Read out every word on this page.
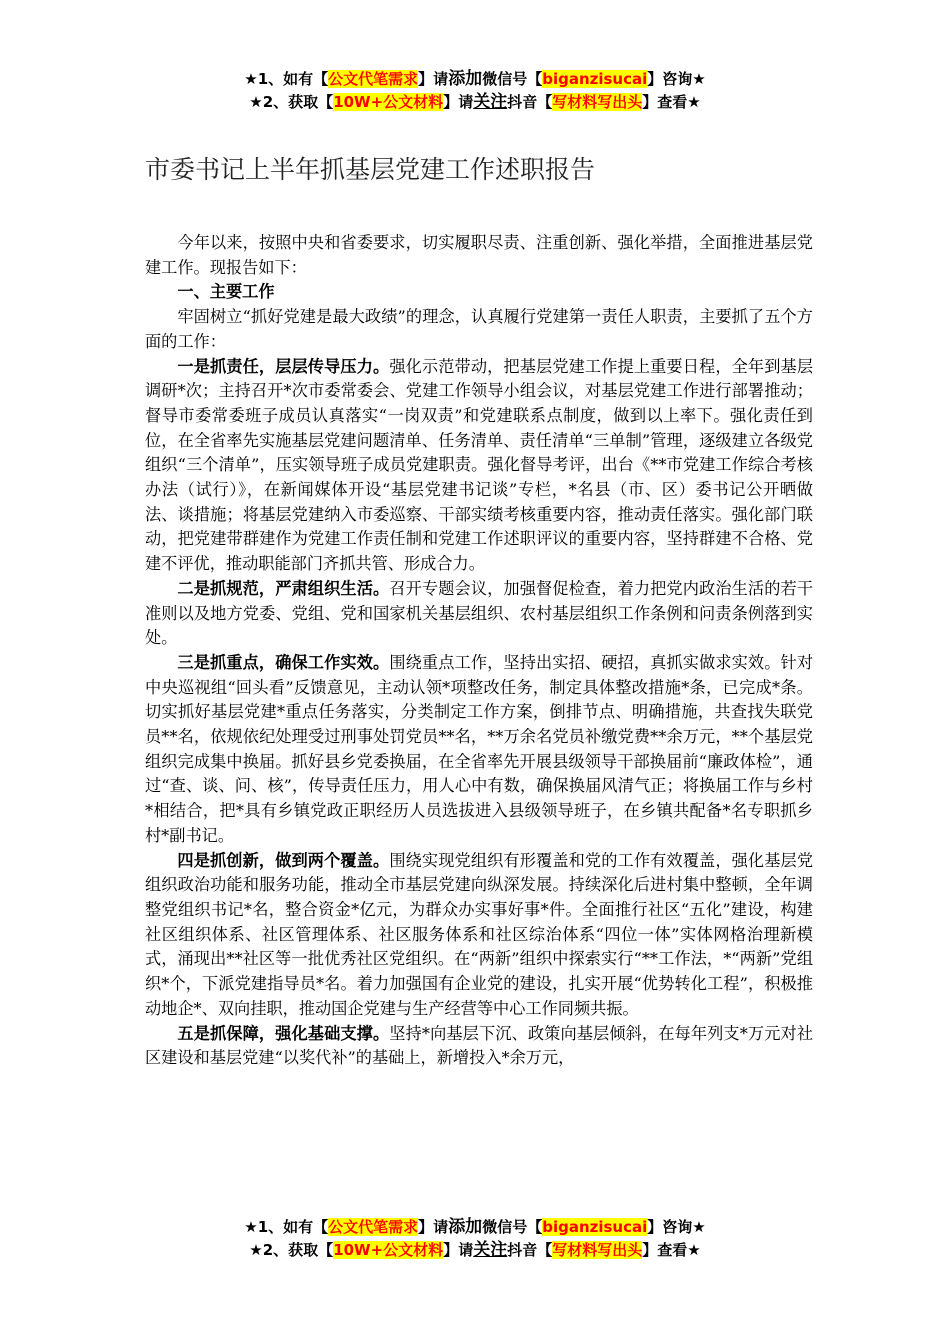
★1、如有【公文代笔需求】请添加微信号【biganzisucai】咨询★
★2、获取【10W+公文材料】请关注抖音【写材料写出头】查看★
市委书记上半年抓基层党建工作述职报告

今年以来，按照中央和省委要求，切实履职尽责、注重创新、强化举措，全面推进基层党建工作。现报告如下：

一、主要工作

牢固树立“抓好党建是最大政绩”的理念，认真履行党建第一责任人职责，主要抓了五个方面的工作：

一是抓责任，层层传导压力。强化示范带动，把基层党建工作提上重要日程，全年到基层调研*次；主持召开*次市委常委会、党建工作领导小组会议，对基层党建工作进行部署推动；督导市委常委班子成员认真落实“一岗双责”和党建联系点制度，做到以上率下。强化责任到位，在全省率先实施基层党建问题清单、任务清单、责任清单“三单制”管理，逐级建立各级党组织“三个清单”，压实领导班子成员党建职责。强化督导考评，出台《**市党建工作综合考核办法（试行）》，在新闻媒体开设“基层党建书记谈”专栏，*名县（市、区）委书记公开晒做法、谈措施；将基层党建纳入市委巡察、干部实绩考核重要内容，推动责任落实。强化部门联动，把党建带群建作为党建工作责任制和党建工作述职评议的重要内容，坚持群建不合格、党建不评优，推动职能部门齐抓共管、形成合力。

二是抓规范，严肃组织生活。召开专题会议，加强督促检查，着力把党内政治生活的若干准则以及地方党委、党组、党和国家机关基层组织、农村基层组织工作条例和问责条例落到实处。

三是抓重点，确保工作实效。围绕重点工作，坚持出实招、硬招，真抓实做求实效。针对中央巡视组“回头看”反馈意见，主动认领*项整改任务，制定具体整改措施*条，已完成*条。切实抓好基层党建*重点任务落实，分类制定工作方案，倒排节点、明确措施，共查找失联党员**名，依规依纪处理受过刑事处罚党员**名，**万余名党员补缴党费**余万元，**个基层党组织完成集中换届。抓好县乡党委换届，在全省率先开展县级领导干部换届前“廉政体检”，通过“查、谈、问、核”，传导责任压力，用人心中有数，确保换届风清气正；将换届工作与乡村*相结合，把*具有乡镇党政正职经历人员选拔进入县级领导班子，在乡镇共配备*名专职抓乡村*副书记。

四是抓创新，做到两个覆盖。围绕实现党组织有形覆盖和党的工作有效覆盖，强化基层党组织政治功能和服务功能，推动全市基层党建向纵深发展。持续深化后进村集中整顿，全年调整党组织书记*名，整合资金*亿元，为群众办实事好事*件。全面推行社区“五化”建设，构建社区组织体系、社区管理体系、社区服务体系和社区综治体系“四位一体”实体网格治理新模式，涌现出**社区等一批优秀社区党组织。在“两新”组织中探索实行“**工作法，*“两新”党组织*个，下派党建指导员*名。着力加强国有企业党的建设，扎实开展“优势转化工程”，积极推动地企*、双向挂职，推动国企党建与生产经营等中心工作同频共振。

五是抓保障，强化基础支撑。坚持*向基层下沉、政策向基层倾斜，在每年列支*万元对社区建设和基层党建“以奖代补”的基础上，新增投入*余万元，

★1、如有【公文代笔需求】请添加微信号【biganzisucai】咨询★
★2、获取【10W+公文材料】请关注抖音【写材料写出头】查看★
